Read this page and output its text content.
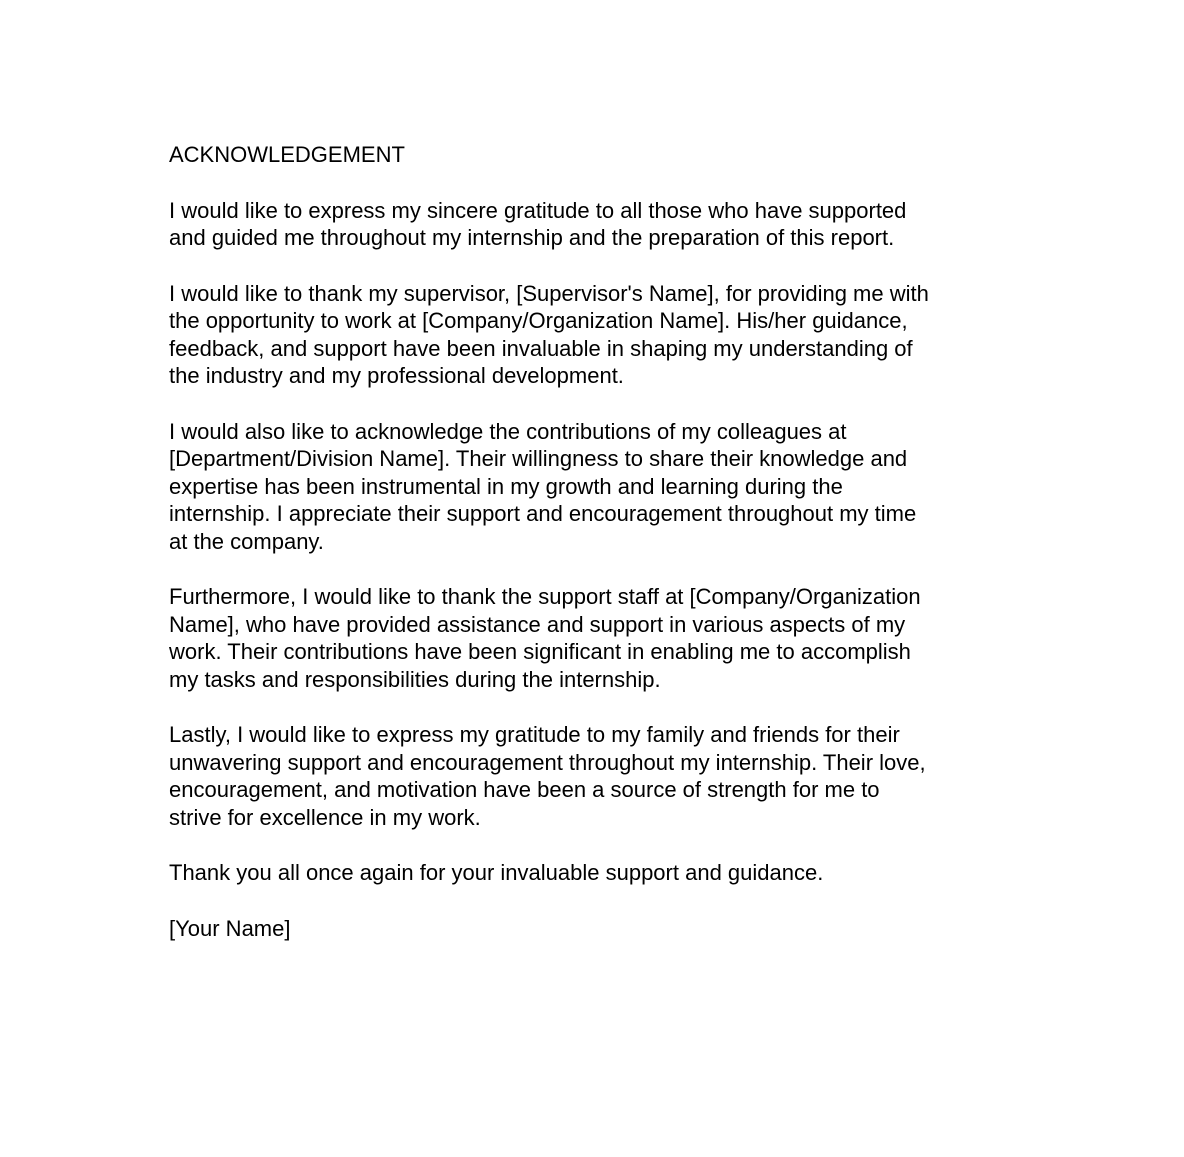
ACKNOWLEDGEMENT
I would like to express my sincere gratitude to all those who have supported
and guided me throughout my internship and the preparation of this report.
I would like to thank my supervisor, [Supervisor's Name], for providing me with
the opportunity to work at [Company/Organization Name]. His/her guidance,
feedback, and support have been invaluable in shaping my understanding of
the industry and my professional development.
I would also like to acknowledge the contributions of my colleagues at
[Department/Division Name]. Their willingness to share their knowledge and
expertise has been instrumental in my growth and learning during the
internship. I appreciate their support and encouragement throughout my time
at the company.
Furthermore, I would like to thank the support staff at [Company/Organization
Name], who have provided assistance and support in various aspects of my
work. Their contributions have been significant in enabling me to accomplish
my tasks and responsibilities during the internship.
Lastly, I would like to express my gratitude to my family and friends for their
unwavering support and encouragement throughout my internship. Their love,
encouragement, and motivation have been a source of strength for me to
strive for excellence in my work.
Thank you all once again for your invaluable support and guidance.
[Your Name]
